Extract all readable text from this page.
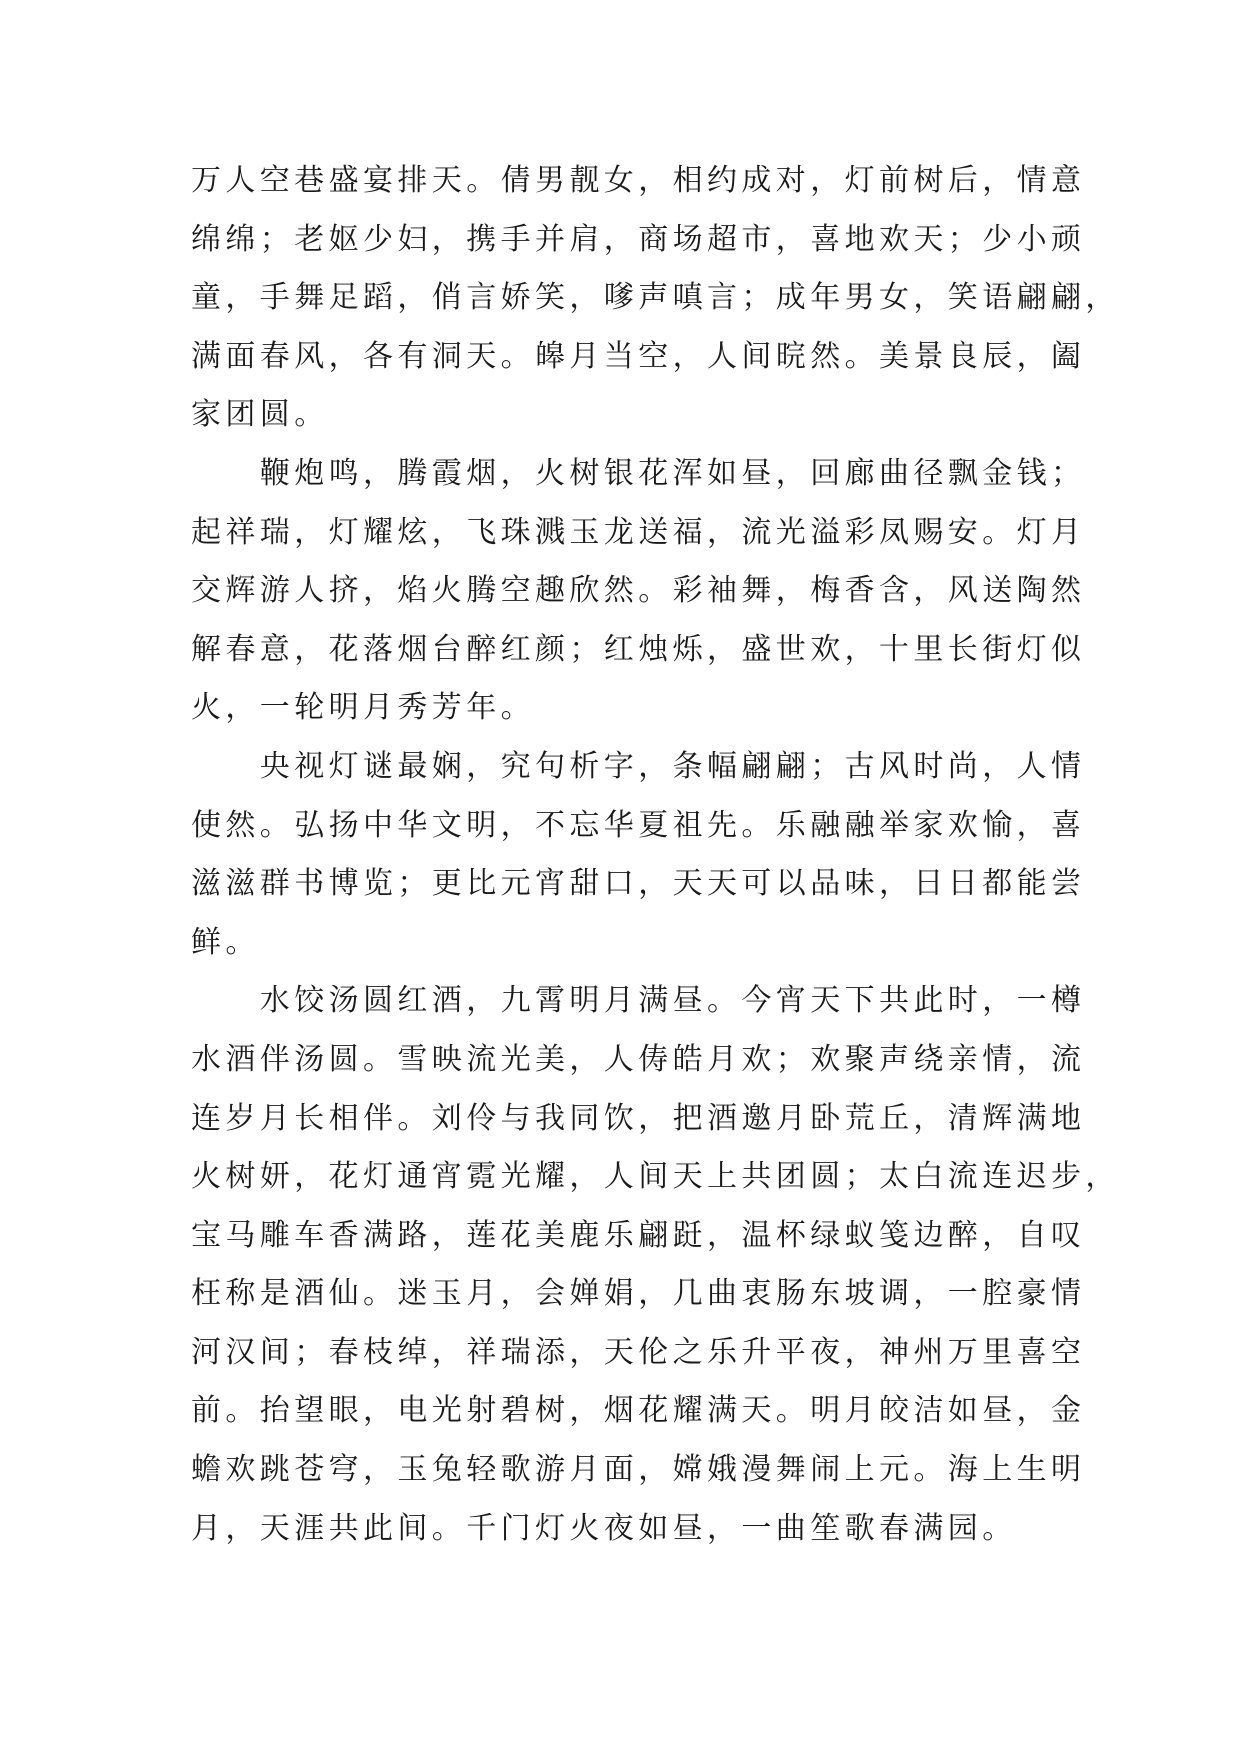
万人空巷盛宴排天。倩男靓女，相约成对，灯前树后，情意
绵绵；老妪少妇，携手并肩，商场超市，喜地欢天；少小顽
童，手舞足蹈，俏言娇笑，嗲声嗔言；成年男女，笑语翩翩，
满面春风，各有洞天。皞月当空，人间晥然。美景良辰，阖
家团圆。
　　鞭炮鸣，腾霞烟，火树银花浑如昼，回廊曲径飘金钱；
起祥瑞，灯耀炫，飞珠溅玉龙送福，流光溢彩凤赐安。灯月
交辉游人挤，焰火腾空趣欣然。彩袖舞，梅香含，风送陶然
解春意，花落烟台醉红颜；红烛烁，盛世欢，十里长街灯似
火，一轮明月秀芳年。
　　央视灯谜最娴，究句析字，条幅翩翩；古风时尚，人情
使然。弘扬中华文明，不忘华夏祖先。乐融融举家欢愉，喜
滋滋群书博览；更比元宵甜口，天天可以品味，日日都能尝
鲜。
　　水饺汤圆红酒，九霄明月满昼。今宵天下共此时，一樽
水酒伴汤圆。雪映流光美，人俦皓月欢；欢聚声绕亲情，流
连岁月长相伴。刘伶与我同饮，把酒邀月卧荒丘，清辉满地
火树妍，花灯通宵霓光耀，人间天上共团圆；太白流连迟步，
宝马雕车香满路，莲花美鹿乐翩跹，温杯绿蚁笺边醉，自叹
枉称是酒仙。迷玉月，会婵娟，几曲衷肠东坡调，一腔豪情
河汉间；春枝绰，祥瑞添，天伦之乐升平夜，神州万里喜空
前。抬望眼，电光射碧树，烟花耀满天。明月皎洁如昼，金
蟾欢跳苍穹，玉兔轻歌游月面，嫦娥漫舞闹上元。海上生明
月，天涯共此间。千门灯火夜如昼，一曲笙歌春满园。
